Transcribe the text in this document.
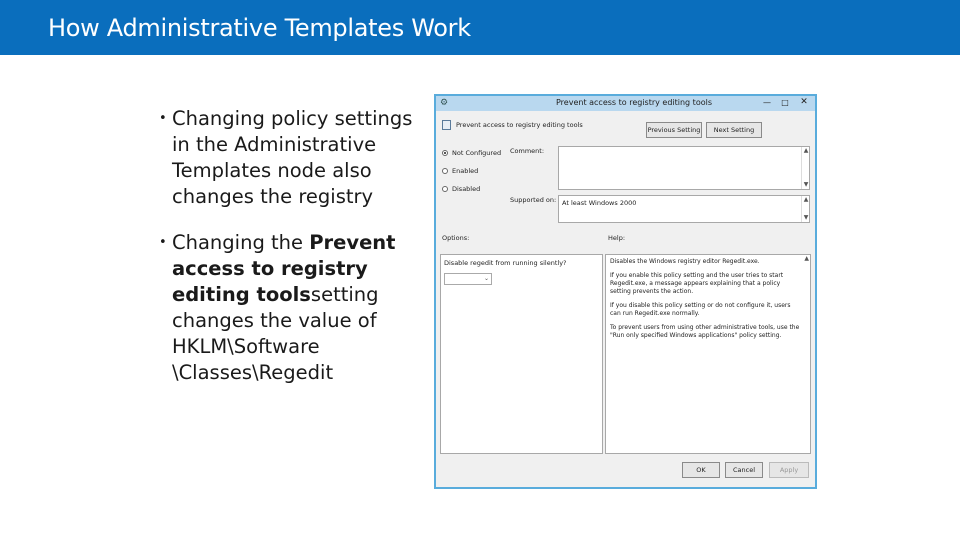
How Administrative Templates Work
• Changing policy settings in the Administrative Templates node also changes the registry
• Changing the Prevent access to registry editing toolssetting changes the value of HKLM\Software \Classes\Regedit
⚙	Prevent access to registry editing tools	—	□	✕
Prevent access to registry editing tools
Previous Setting	Next Setting
Not Configured
Enabled
Disabled
Comment:	▲
▼
Supported on: At least Windows 2000	▲
▼
Options:	Help:
Disable regedit from running silently?
⌄

Disables the Windows registry editor Regedit.exe.

If you enable this policy setting and the user tries to start Regedit.exe, a message appears explaining that a policy setting prevents the action.

If you disable this policy setting or do not configure it, users can run Regedit.exe normally.

To prevent users from using other administrative tools, use the "Run only specified Windows applications" policy setting.

▲
OK	Cancel	Apply
